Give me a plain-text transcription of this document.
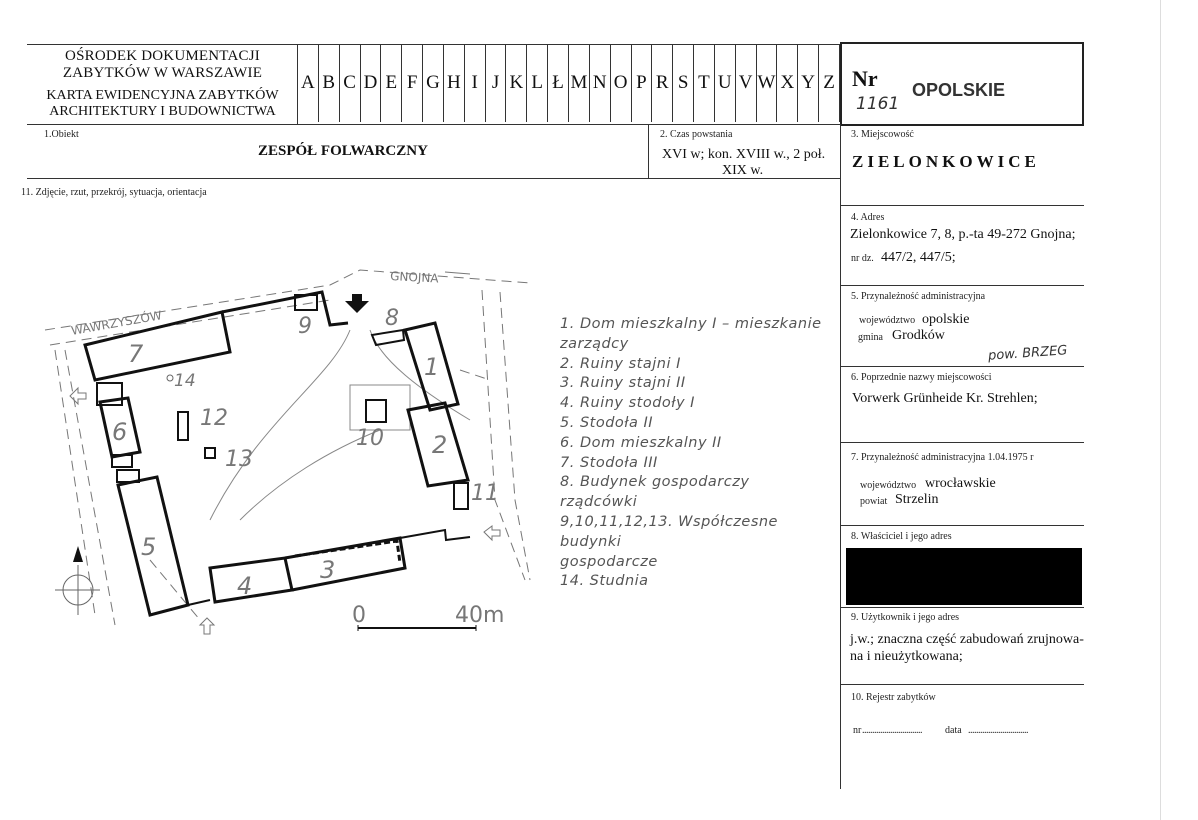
OŚRODEK DOKUMENTACJI
ZABYTKÓW W WARSZAWIE
KARTA EWIDENCYJNA ZABYTKÓW
ARCHITEKTURY I BUDOWNICTWA
A B C D E F G H I J K L Ł M N O P R S T U V W X Y Z Nr
1161
OPOLSKIE
1.Obiekt
ZESPÓŁ FOLWARCZNY
2. Czas powstania
XVI w; kon. XVIII w., 2 poł.
XIX w.
11. Zdjęcie, rzut, przekrój, sytuacja, orientacja
3. Miejscowość
ZIELONKOWICE
4. Adres
Zielonkowice 7, 8, p.-ta 49-272 Gnojna;
nr dz. 447/2, 447/5;
5. Przynależność administracyjna
województwo opolskie
gmina Grodków
pow. BRZEG
6. Poprzednie nazwy miejscowości
Vorwerk Grünheide Kr. Strehlen;
7. Przynależność administracyjna 1.04.1975 r
województwo wrocławskie
powiat Strzelin
8. Właściciel i jego adres
9. Użytkownik i jego adres
j.w.; znaczna część zabudowań zrujnowa-
na i nieużytkowana;
10. Rejestr zabytków
nr .............................. data ..............................
GNOJNA
WAWRZYSZÓW
0	40m
7
9	8
1
2
14
6	12
13
10
11
5
4
3
1. Dom mieszkalny I – mieszkanie
zarządcy
2. Ruiny stajni I
3. Ruiny stajni II
4. Ruiny stodoły I
5. Stodoła II
6. Dom mieszkalny II
7. Stodoła III
8. Budynek gospodarczy
rządcówki
9,10,11,12,13. Współczesne budynki
gospodarcze
14. Studnia
